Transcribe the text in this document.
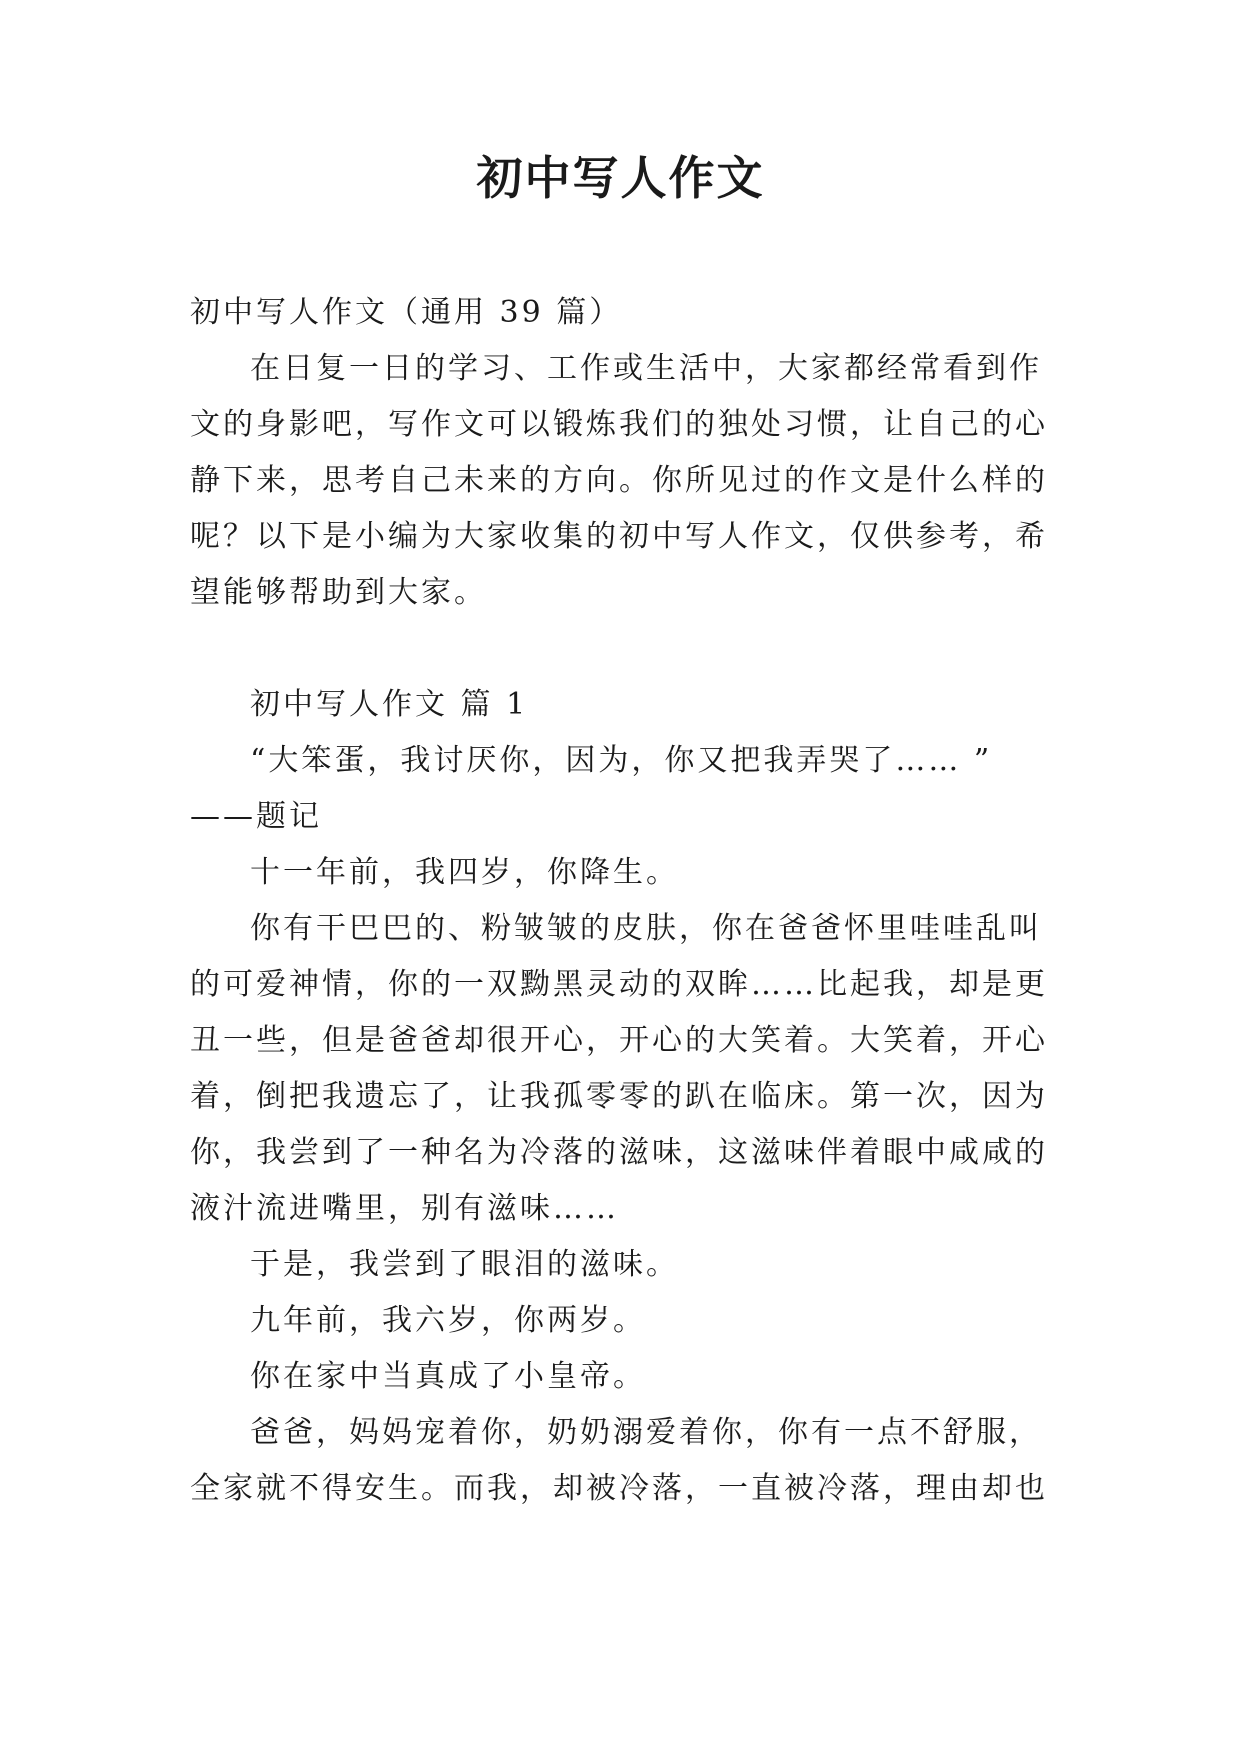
初中写人作文

初中写人作文（通用 39 篇）

在日复一日的学习、工作或生活中，大家都经常看到作文的身影吧，写作文可以锻炼我们的独处习惯，让自己的心静下来，思考自己未来的方向。你所见过的作文是什么样的呢？以下是小编为大家收集的初中写人作文，仅供参考，希望能够帮助到大家。

初中写人作文 篇 1

“大笨蛋，我讨厌你，因为，你又把我弄哭了…… ”

——题记

十一年前，我四岁，你降生。

你有干巴巴的、粉皱皱的皮肤，你在爸爸怀里哇哇乱叫的可爱神情，你的一双黝黑灵动的双眸……比起我，却是更丑一些，但是爸爸却很开心，开心的大笑着。大笑着，开心着，倒把我遗忘了，让我孤零零的趴在临床。第一次，因为你，我尝到了一种名为冷落的滋味，这滋味伴着眼中咸咸的液汁流进嘴里，别有滋味……

于是，我尝到了眼泪的滋味。

九年前，我六岁，你两岁。

你在家中当真成了小皇帝。

爸爸，妈妈宠着你，奶奶溺爱着你，你有一点不舒服，全家就不得安生。而我，却被冷落，一直被冷落，理由却也
